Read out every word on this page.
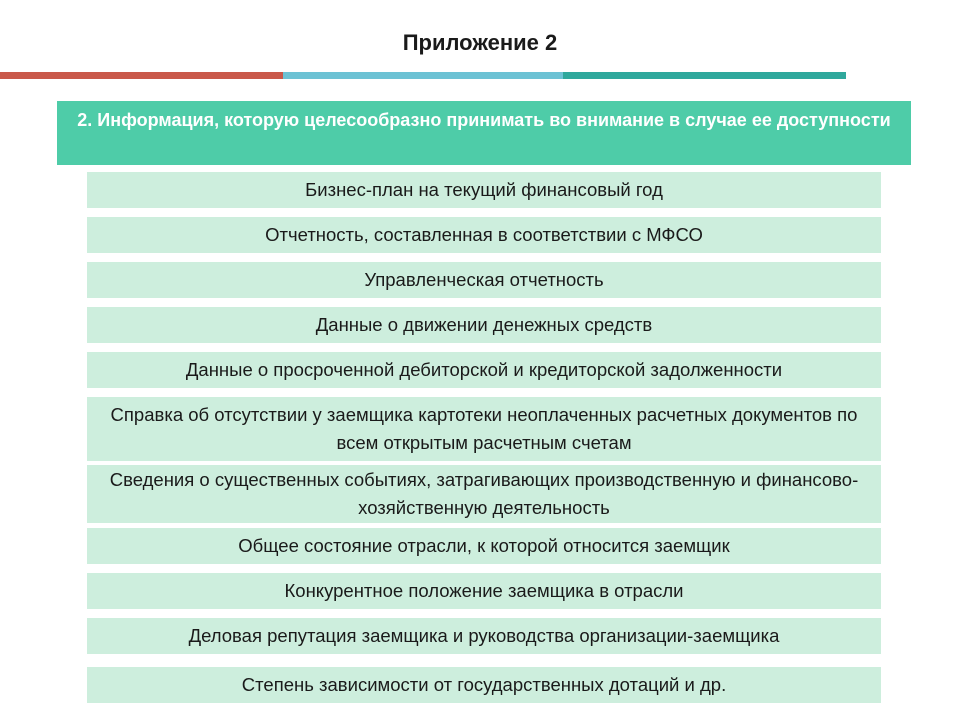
Приложение 2
2. Информация, которую целесообразно принимать во внимание в случае ее доступности
Бизнес-план на текущий финансовый год
Отчетность, составленная в соответствии с МФСО
Управленческая отчетность
Данные о движении денежных средств
Данные о просроченной дебиторской и кредиторской задолженности
Справка об отсутствии у заемщика картотеки неоплаченных расчетных документов по всем открытым расчетным счетам
Сведения о существенных событиях, затрагивающих производственную и финансово-хозяйственную деятельность
Общее состояние отрасли, к которой относится заемщик
Конкурентное положение заемщика в отрасли
Деловая репутация заемщика и руководства организации-заемщика
Степень зависимости от государственных дотаций и др.
